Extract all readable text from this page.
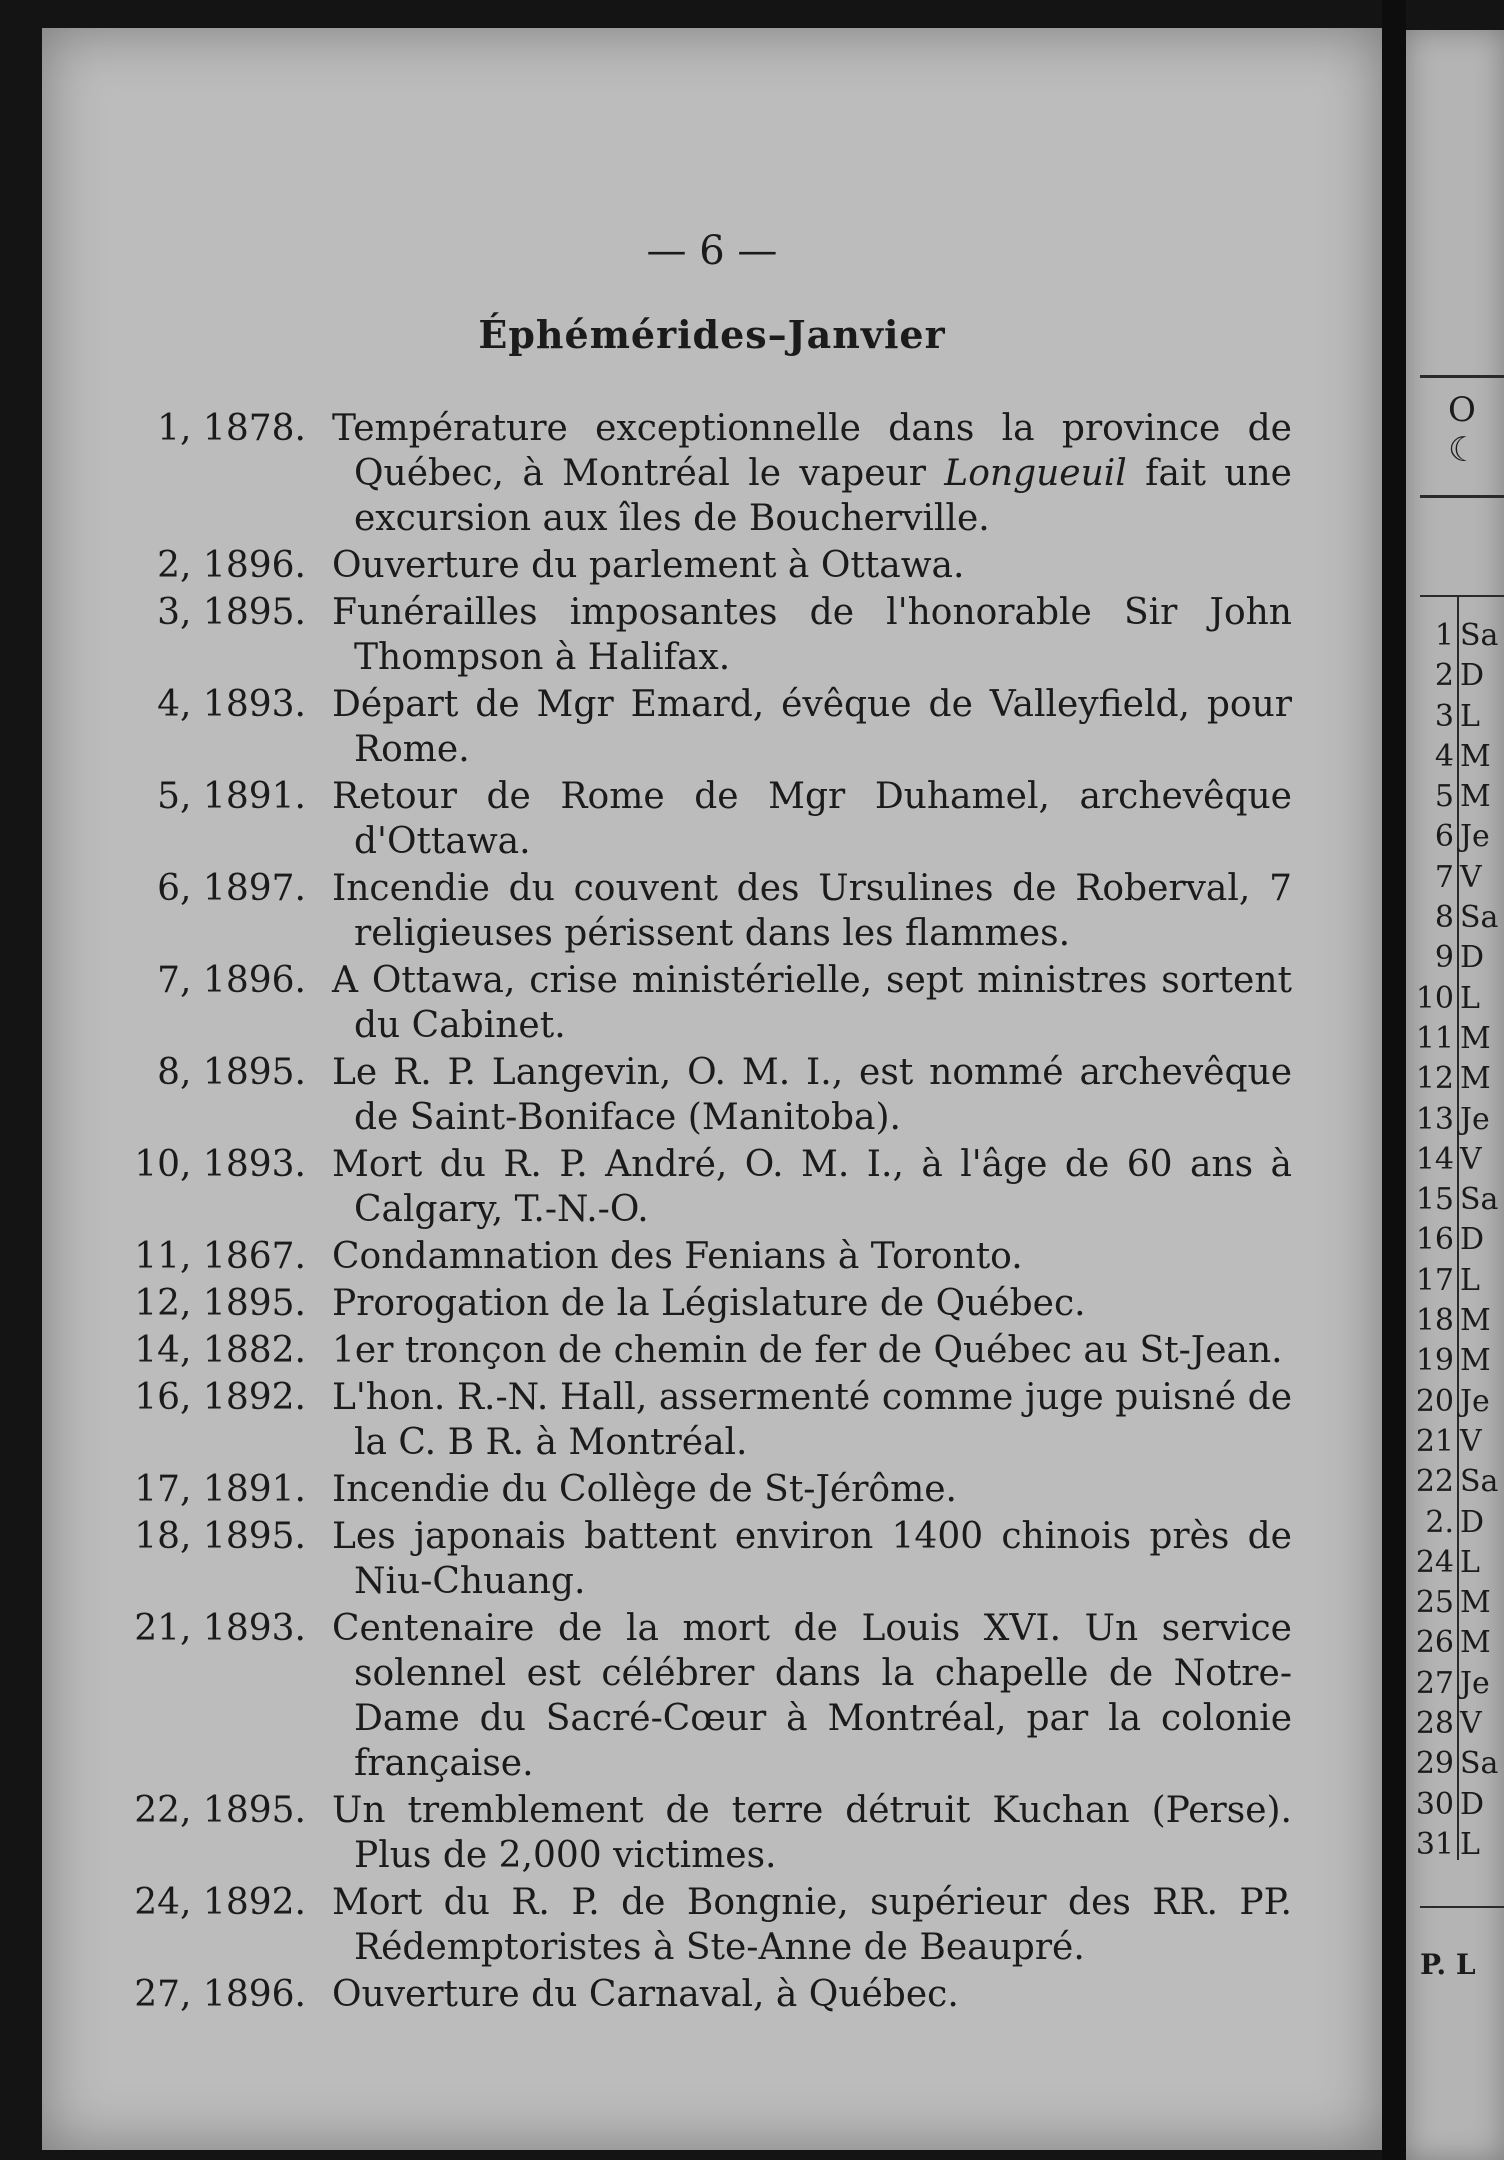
— 6 —
Éphémérides–Janvier
1, 1878. Température exceptionnelle dans la province de Québec, à Montréal le vapeur Longueuil fait une excursion aux îles de Boucherville.
2, 1896. Ouverture du parlement à Ottawa.
3, 1895. Funérailles imposantes de l'honorable Sir John Thompson à Halifax.
4, 1893. Départ de Mgr Emard, évêque de Valleyfield, pour Rome.
5, 1891. Retour de Rome de Mgr Duhamel, archevêque d'Ottawa.
6, 1897. Incendie du couvent des Ursulines de Roberval, 7 religieuses périssent dans les flammes.
7, 1896. A Ottawa, crise ministérielle, sept ministres sortent du Cabinet.
8, 1895. Le R. P. Langevin, O. M. I., est nommé archevêque de Saint-Boniface (Manitoba).
10, 1893. Mort du R. P. André, O. M. I., à l'âge de 60 ans à Calgary, T.-N.-O.
11, 1867. Condamnation des Fenians à Toronto.
12, 1895. Prorogation de la Législature de Québec.
14, 1882. 1er tronçon de chemin de fer de Québec au St-Jean.
16, 1892. L'hon. R.-N. Hall, assermenté comme juge puisné de la C. B R. à Montréal.
17, 1891. Incendie du Collège de St-Jérôme.
18, 1895. Les japonais battent environ 1400 chinois près de Niu-Chuang.
21, 1893. Centenaire de la mort de Louis XVI. Un service solennel est célébrer dans la chapelle de Notre-Dame du Sacré-Cœur à Montréal, par la colonie française.
22, 1895. Un tremblement de terre détruit Kuchan (Perse). Plus de 2,000 victimes.
24, 1892. Mort du R. P. de Bongnie, supérieur des RR. PP. Rédemptoristes à Ste-Anne de Beaupré.
27, 1896. Ouverture du Carnaval, à Québec.
O
☾
1 Sa
2 D
3 L
4 M
5 M
6 Je
7 V
8 Sa
9 D
10 L
11 M
12 M
13 Je
14 V
15 Sa
16 D
17 L
18 M
19 M
20 Je
21 V
22 Sa
2. D
24 L
25 M
26 M
27 Je
28 V
29 Sa
30 D
31 L
P. L
